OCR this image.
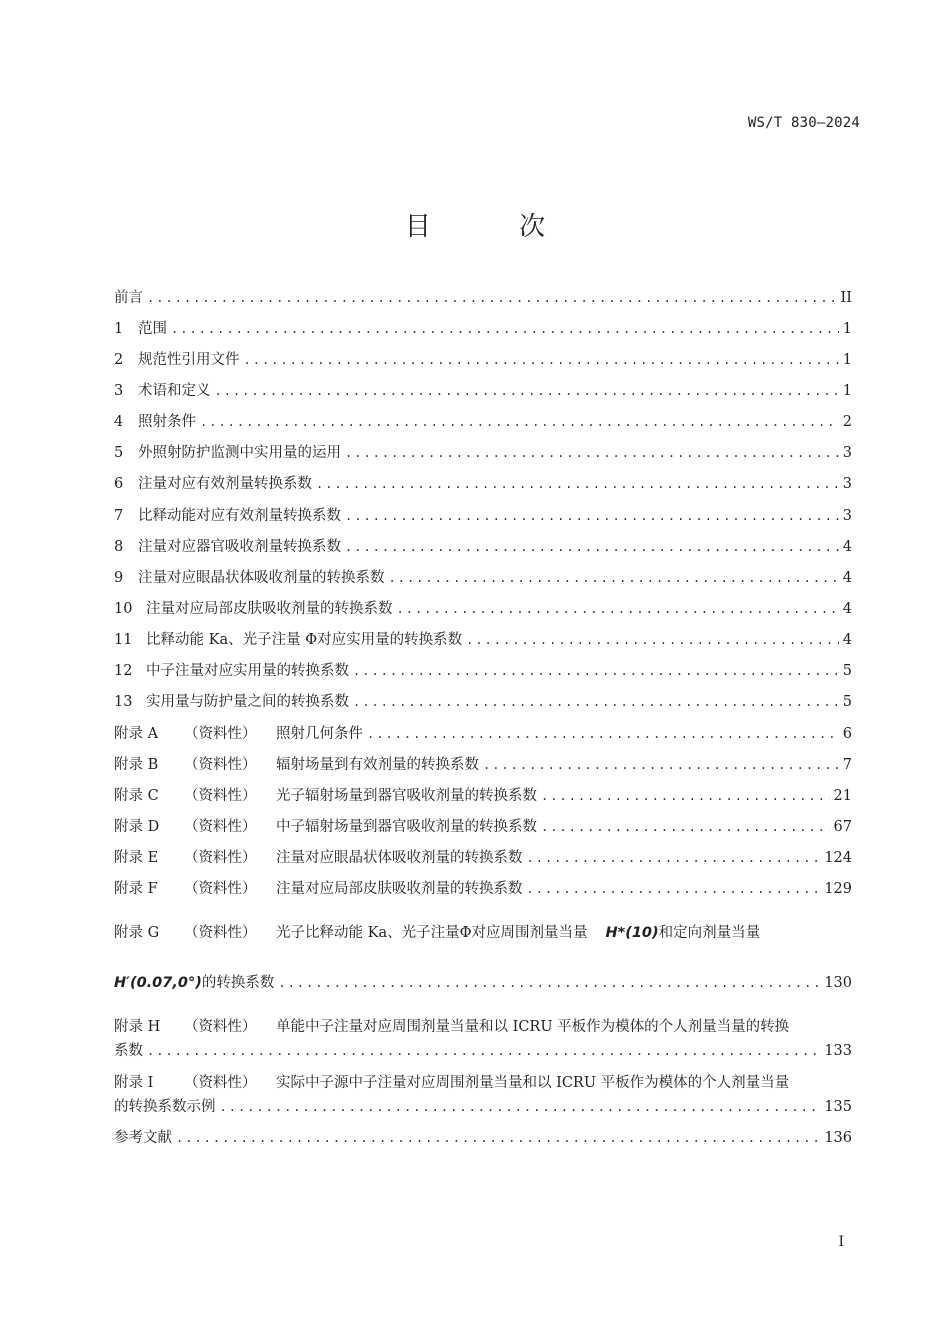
WS/T 830—2024
目 次
前言 .....	II
1	范围 .....	1
2	规范性引用文件 .....	1
3	术语和定义 .....	1
4	照射条件 .....	2
5	外照射防护监测中实用量的运用 .....	3
6	注量对应有效剂量转换系数 .....	3
7	比释动能对应有效剂量转换系数 .....	3
8	注量对应器官吸收剂量转换系数 .....	4
9	注量对应眼晶状体吸收剂量的转换系数 .....	4
10 注量对应局部皮肤吸收剂量的转换系数 .....	4
11 比释动能 Ka、光子注量 Φ对应实用量的转换系数 .....	4
12 中子注量对应实用量的转换系数 .....	5
13 实用量与防护量之间的转换系数 .....	5
附录 A	（资料性）	照射几何条件 .....	6
附录 B	（资料性）	辐射场量到有效剂量的转换系数 .....	7
附录 C	（资料性）	光子辐射场量到器官吸收剂量的转换系数 .....	21
附录 D	（资料性）	中子辐射场量到器官吸收剂量的转换系数 .....	67
附录 E	（资料性）	注量对应眼晶状体吸收剂量的转换系数 .....	124
附录 F	（资料性）	注量对应局部皮肤吸收剂量的转换系数 .....	129
附录 G	（资料性）	光子比释动能 Ka、光子注量Φ对应周围剂量当量 H*(10) 和定向剂量当量
H′(0.07,0°) 的转换系数 .....	130
附录 H	（资料性）	单能中子注量对应周围剂量当量和以 ICRU 平板作为模体的个人剂量当量的转换
系数 .....	133
附录 I	（资料性）	实际中子源中子注量对应周围剂量当量和以 ICRU 平板作为模体的个人剂量当量
的转换系数示例 .....	135
参考文献 .....	136
I
